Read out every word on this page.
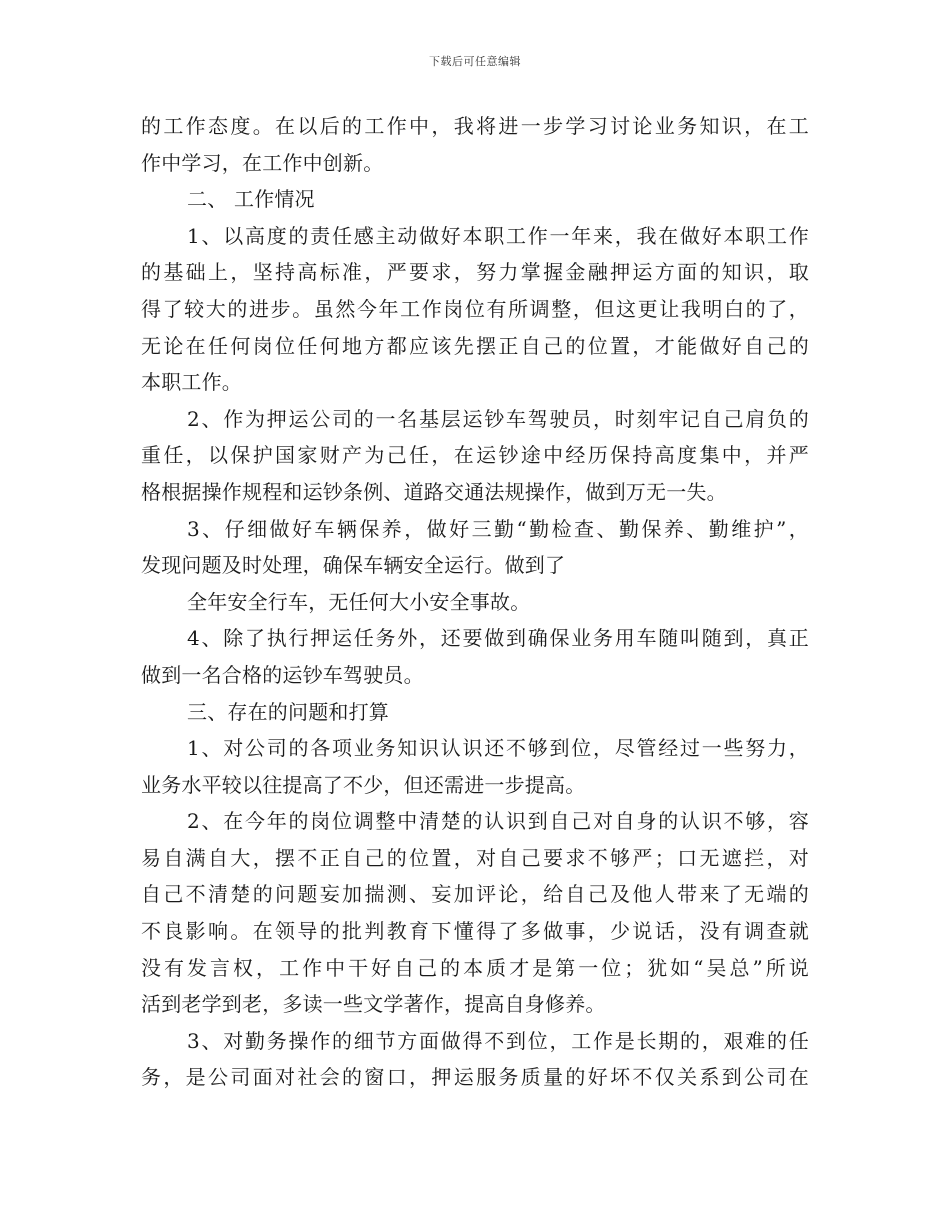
下载后可任意编辑
的工作态度。在以后的工作中，我将进一步学习讨论业务知识，在工
作中学习，在工作中创新。
二、 工作情况
1、以高度的责任感主动做好本职工作一年来，我在做好本职工作
的基础上，坚持高标准，严要求，努力掌握金融押运方面的知识，取
得了较大的进步。虽然今年工作岗位有所调整，但这更让我明白的了，
无论在任何岗位任何地方都应该先摆正自己的位置，才能做好自己的
本职工作。
2、作为押运公司的一名基层运钞车驾驶员，时刻牢记自己肩负的
重任，以保护国家财产为己任，在运钞途中经历保持高度集中，并严
格根据操作规程和运钞条例、道路交通法规操作，做到万无一失。
3、仔细做好车辆保养，做好三勤“勤检查、勤保养、勤维护”，
发现问题及时处理，确保车辆安全运行。做到了
全年安全行车，无任何大小安全事故。
4、除了执行押运任务外，还要做到确保业务用车随叫随到，真正
做到一名合格的运钞车驾驶员。
三、存在的问题和打算
1、对公司的各项业务知识认识还不够到位，尽管经过一些努力，
业务水平较以往提高了不少，但还需进一步提高。
2、在今年的岗位调整中清楚的认识到自己对自身的认识不够，容
易自满自大，摆不正自己的位置，对自己要求不够严；口无遮拦，对
自己不清楚的问题妄加揣测、妄加评论，给自己及他人带来了无端的
不良影响。在领导的批判教育下懂得了多做事，少说话，没有调查就
没有发言权，工作中干好自己的本质才是第一位；犹如“吴总”所说
活到老学到老，多读一些文学著作，提高自身修养。
3、对勤务操作的细节方面做得不到位，工作是长期的，艰难的任
务，是公司面对社会的窗口，押运服务质量的好坏不仅关系到公司在
